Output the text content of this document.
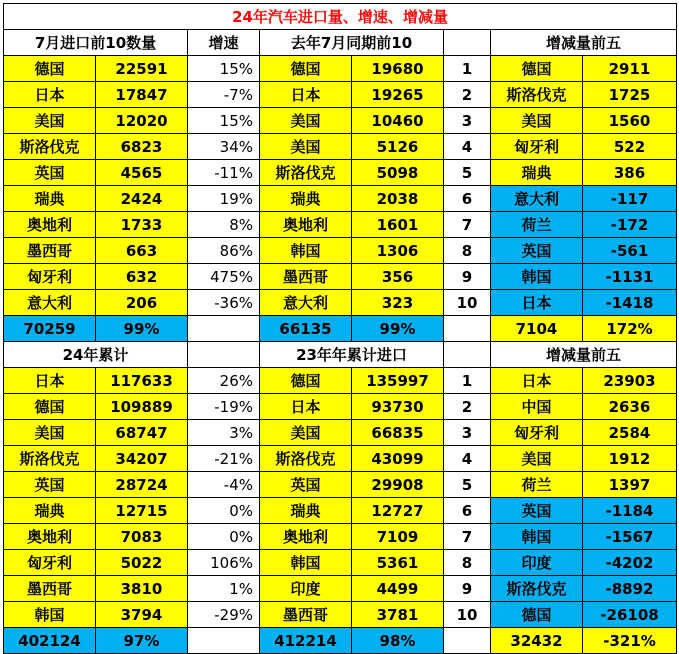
24年汽车进口量、增速、增减量							
7月进口前10数量		增速	去年7月同期前10			增减量前五	
德国	22591	15%	德国	19680	1	德国	2911
日本	17847	-7%	日本	19265	2	斯洛伐克	1725
美国	12020	15%	美国	10460	3	美国	1560
斯洛伐克	6823	34%	美国	5126	4	匈牙利	522
英国	4565	-11%	斯洛伐克	5098	5	瑞典	386
瑞典	2424	19%	瑞典	2038	6	意大利	-117
奥地利	1733	8%	奥地利	1601	7	荷兰	-172
墨西哥	663	86%	韩国	1306	8	英国	-561
匈牙利	632	475%	墨西哥	356	9	韩国	-1131
意大利	206	-36%	意大利	323	10	日本	-1418
70259	99%		66135	99%		7104	172%
24年累计			23年年累计进口			增减量前五	
日本	117633	26%	德国	135997	1	日本	23903
德国	109889	-19%	日本	93730	2	中国	2636
美国	68747	3%	美国	66835	3	匈牙利	2584
斯洛伐克	34207	-21%	斯洛伐克	43099	4	美国	1912
英国	28724	-4%	英国	29908	5	荷兰	1397
瑞典	12715	0%	瑞典	12727	6	英国	-1184
奥地利	7083	0%	奥地利	7109	7	韩国	-1567
匈牙利	5022	106%	韩国	5361	8	印度	-4202
墨西哥	3810	1%	印度	4499	9	斯洛伐克	-8892
韩国	3794	-29%	墨西哥	3781	10	德国	-26108
402124	97%		412214	98%		32432	-321%
